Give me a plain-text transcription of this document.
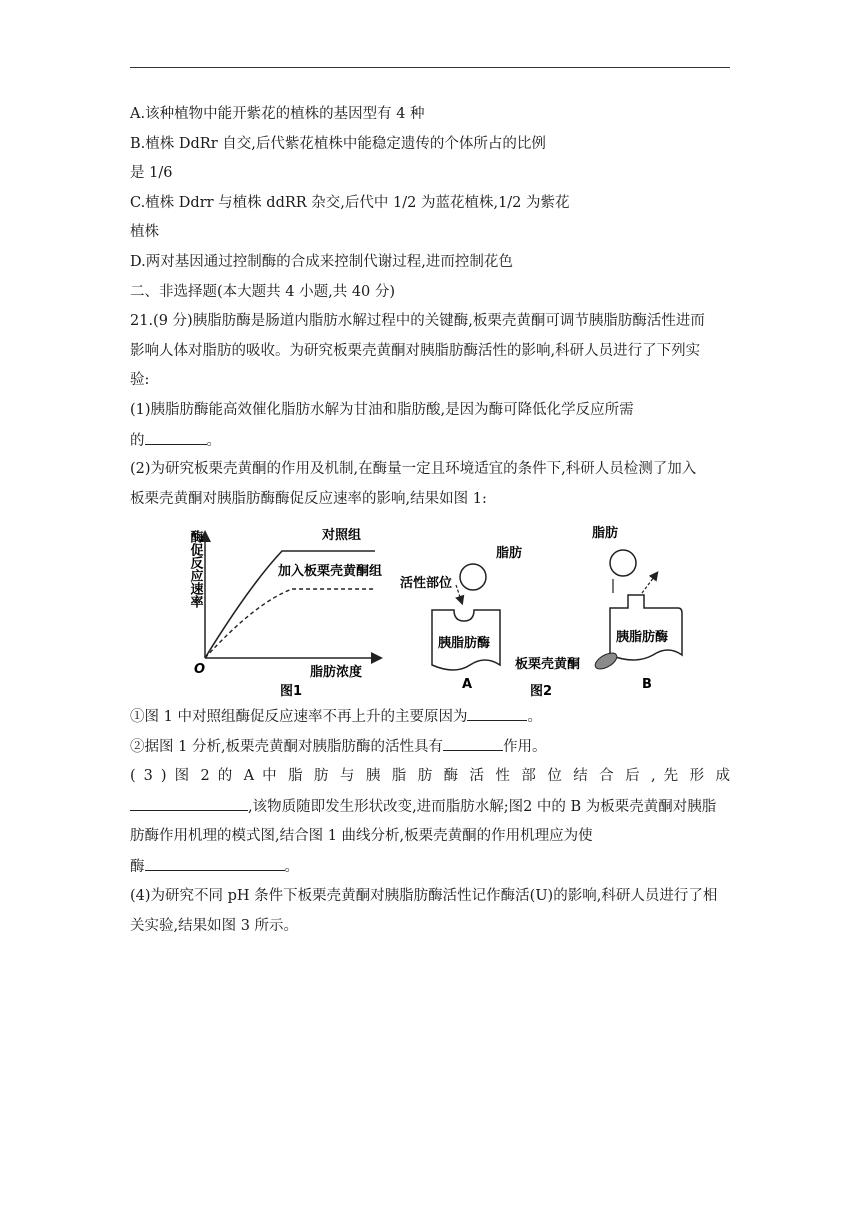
A.该种植物中能开紫花的植株的基因型有 4 种
B.植株 DdRr 自交,后代紫花植株中能稳定遗传的个体所占的比例
是 1/6
C.植株 Ddrr 与植株 ddRR 杂交,后代中 1/2 为蓝花植株,1/2 为紫花
植株
D.两对基因通过控制酶的合成来控制代谢过程,进而控制花色
二、非选择题(本大题共 4 小题,共 40 分)
21.(9 分)胰脂肪酶是肠道内脂肪水解过程中的关键酶,板栗壳黄酮可调节胰脂肪酶活性进而
影响人体对脂肪的吸收。为研究板栗壳黄酮对胰脂肪酶活性的影响,科研人员进行了下列实
验:
(1)胰脂肪酶能高效催化脂肪水解为甘油和脂肪酸,是因为酶可降低化学反应所需
的	。
(2)为研究板栗壳黄酮的作用及机制,在酶量一定且环境适宜的条件下,科研人员检测了加入
板栗壳黄酮对胰脂肪酶酶促反应速率的影响,结果如图 1:
酶促反应速率
脂肪浓度
O
图1
对照组
加入板栗壳黄酮组
脂肪
活性部位
胰脂肪酶
A	图2
脂肪
胰脂肪酶
板栗壳黄酮
B
①图 1 中对照组酶促反应速率不再上升的主要原因为	。
②据图 1 分析,板栗壳黄酮对胰脂肪酶的活性具有	作用。
( 3 ) 图 2 的 A 中 脂 肪 与 胰 脂 肪 酶 活 性 部 位 结 合 后 , 先 形 成
,该物质随即发生形状改变,进而脂肪水解;图2 中的 B 为板栗壳黄酮对胰脂
肪酶作用机理的模式图,结合图 1 曲线分析,板栗壳黄酮的作用机理应为使
酶	。
(4)为研究不同 pH 条件下板栗壳黄酮对胰脂肪酶活性记作酶活(U)的影响,科研人员进行了相
关实验,结果如图 3 所示。
